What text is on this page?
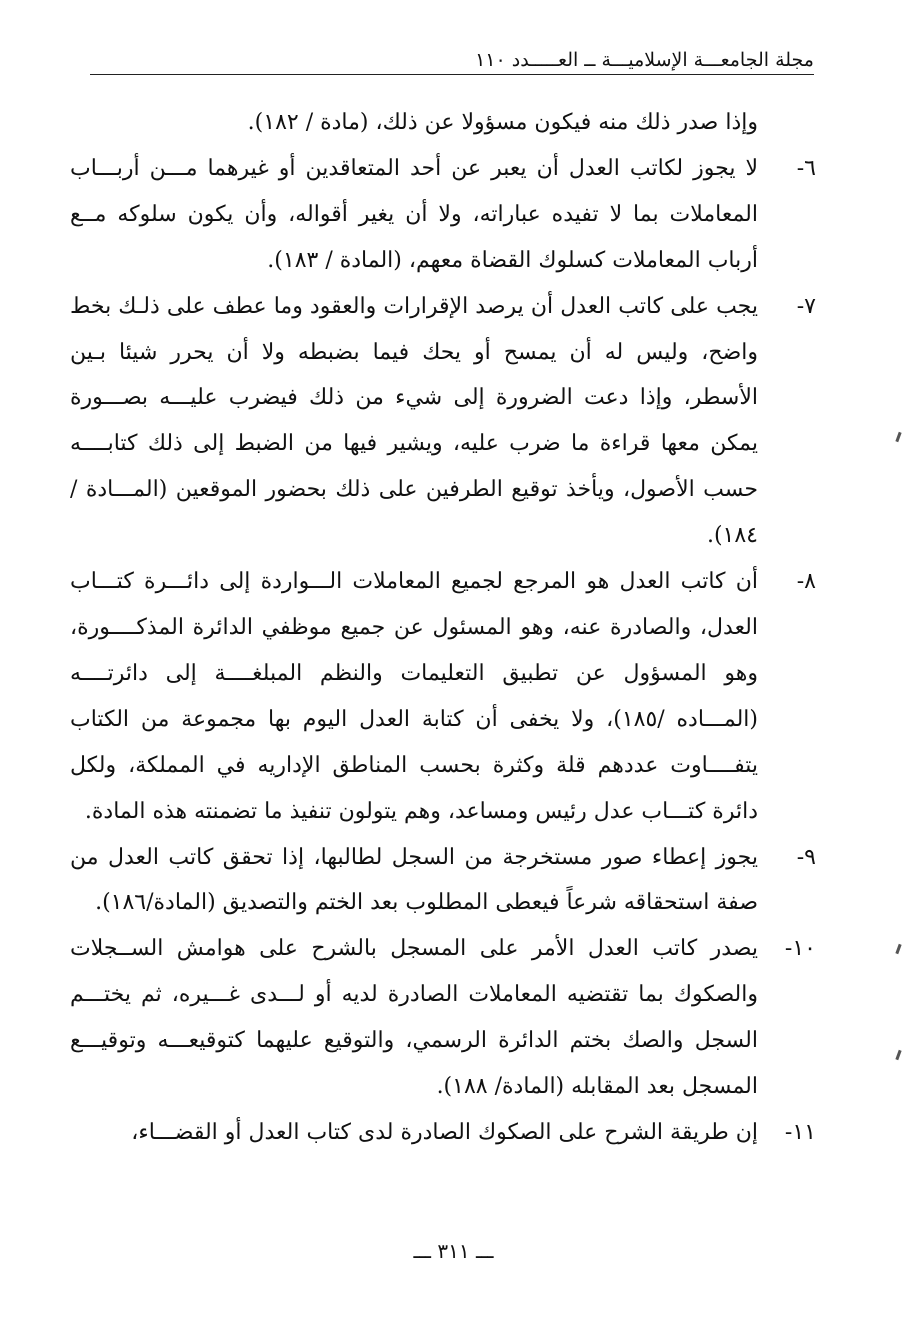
مجلة الجامعـــة الإسلاميـــة ــ العـــــدد ١١٠

وإذا صدر ذلك منه فيكون مسؤولا عن ذلك، (مادة / ١٨٢).

٦-
لا يجوز لكاتب العدل أن يعبر عن أحد المتعاقدين أو غيرهما مـــن أربـــاب المعاملات بما لا تفيده عباراته، ولا أن يغير أقواله، وأن يكون سلوكه مــع أرباب المعاملات كسلوك القضاة معهم، (المادة / ١٨٣).
٧-
يجب على كاتب العدل أن يرصد الإقرارات والعقود وما عطف على ذلـك بخط واضح، وليس له أن يمسح أو يحك فيما بضبطه ولا أن يحرر شيئا بـين الأسطر، وإذا دعت الضرورة إلى شيء من ذلك فيضرب عليـــه بصـــورة يمكن معها قراءة ما ضرب عليه، ويشير فيها من الضبط إلى ذلك كتابــــه حسب الأصول، ويأخذ توقيع الطرفين على ذلك بحضور الموقعين (المـــادة /١٨٤).
٨-
أن كاتب العدل هو المرجع لجميع المعاملات الـــواردة إلى دائـــرة كتـــاب العدل، والصادرة عنه، وهو المسئول عن جميع موظفي الدائرة المذكــــورة، وهو المسؤول عن تطبيق التعليمات والنظم المبلغــــة إلى دائرتــــه (المـــاده /١٨٥)، ولا يخفى أن كتابة العدل اليوم بها مجموعة من الكتاب يتفــــاوت عددهم قلة وكثرة بحسب المناطق الإداريه في المملكة، ولكل دائرة كتـــاب عدل رئيس ومساعد، وهم يتولون تنفيذ ما تضمنته هذه المادة.
٩-
يجوز إعطاء صور مستخرجة من السجل لطالبها، إذا تحقق كاتب العدل من صفة استحقاقه شرعاً فيعطى المطلوب بعد الختم والتصديق (المادة/١٨٦).
١٠-
يصدر كاتب العدل الأمر على المسجل بالشرح على هوامش الســجلات والصكوك بما تقتضيه المعاملات الصادرة لديه أو لـــدى غـــيره، ثم يختـــم السجل والصك بختم الدائرة الرسمي، والتوقيع عليهما كتوقيعـــه وتوقيـــع المسجل بعد المقابله (المادة/ ١٨٨).
١١-
إن طريقة الشرح على الصكوك الصادرة لدى كتاب العدل أو القضـــاء،
ـــ ٣١١ ـــ
